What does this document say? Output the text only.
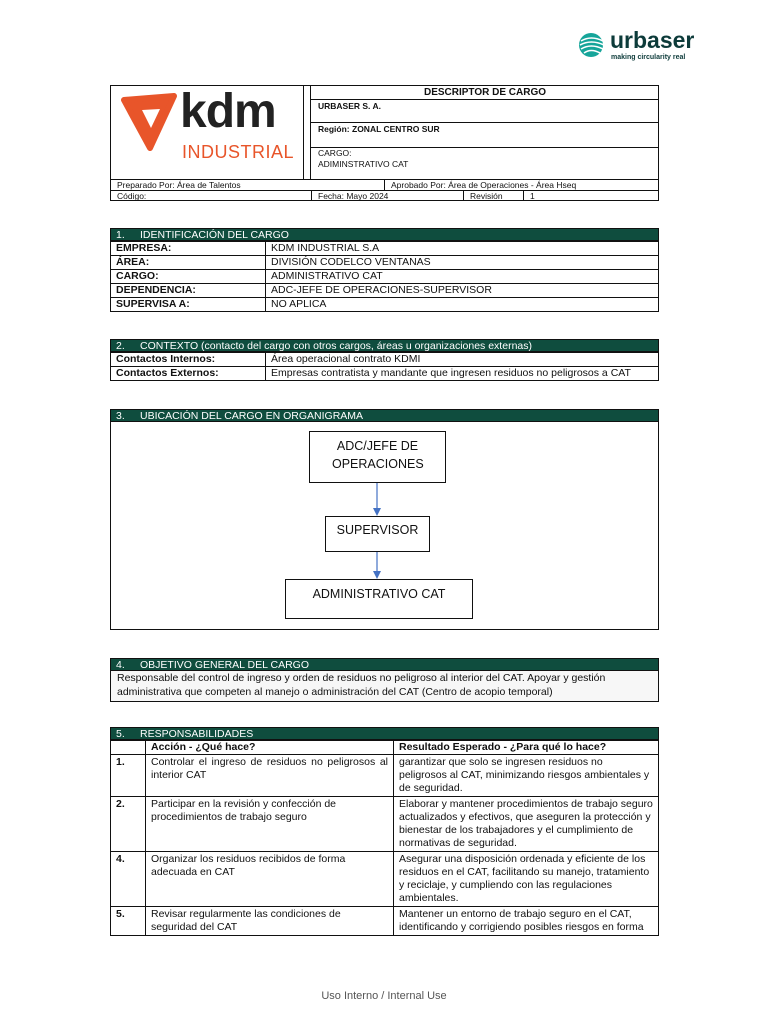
urbaser
making circularity real
kdm
INDUSTRIAL
DESCRIPTOR DE CARGO
URBASER S. A.
Región: ZONAL CENTRO SUR
CARGO:
ADIMINSTRATIVO CAT
Preparado Por: Área de Talentos	Aprobado Por: Área de Operaciones - Área Hseq
Código:	Fecha: Mayo 2024	Revisión	1
1. IDENTIFICACIÓN DEL CARGO
EMPRESA:	KDM INDUSTRIAL S.A
ÁREA:	DIVISIÓN CODELCO VENTANAS
CARGO:	ADMINISTRATIVO CAT
DEPENDENCIA:	ADC-JEFE DE OPERACIONES-SUPERVISOR
SUPERVISA A:	NO APLICA
2. CONTEXTO (contacto del cargo con otros cargos, áreas u organizaciones externas)
Contactos Internos:	Área operacional contrato KDMI
Contactos Externos:	Empresas contratista y mandante que ingresen residuos no peligrosos a CAT
3. UBICACIÓN DEL CARGO EN ORGANIGRAMA
ADC/JEFE DE OPERACIONES
SUPERVISOR
ADMINISTRATIVO CAT
4. OBJETIVO GENERAL DEL CARGO
Responsable del control de ingreso y orden de residuos no peligroso al interior del CAT. Apoyar y gestión administrativa que competen al manejo o administración del CAT (Centro de acopio temporal)
5. RESPONSABILIDADES
	Acción - ¿Qué hace?	Resultado Esperado - ¿Para qué lo hace?
1.	Controlar el ingreso de residuos no peligrosos al interior CAT	garantizar que solo se ingresen residuos no peligrosos al CAT, minimizando riesgos ambientales y de seguridad.
2.	Participar en la revisión y confección de procedimientos de trabajo seguro	Elaborar y mantener procedimientos de trabajo seguro actualizados y efectivos, que aseguren la protección y bienestar de los trabajadores y el cumplimiento de normativas de seguridad.
4.	Organizar los residuos recibidos de forma adecuada en CAT	Asegurar una disposición ordenada y eficiente de los residuos en el CAT, facilitando su manejo, tratamiento y reciclaje, y cumpliendo con las regulaciones ambientales.
5.	Revisar regularmente las condiciones de seguridad del CAT	Mantener un entorno de trabajo seguro en el CAT, identificando y corrigiendo posibles riesgos en forma
Uso Interno / Internal Use
